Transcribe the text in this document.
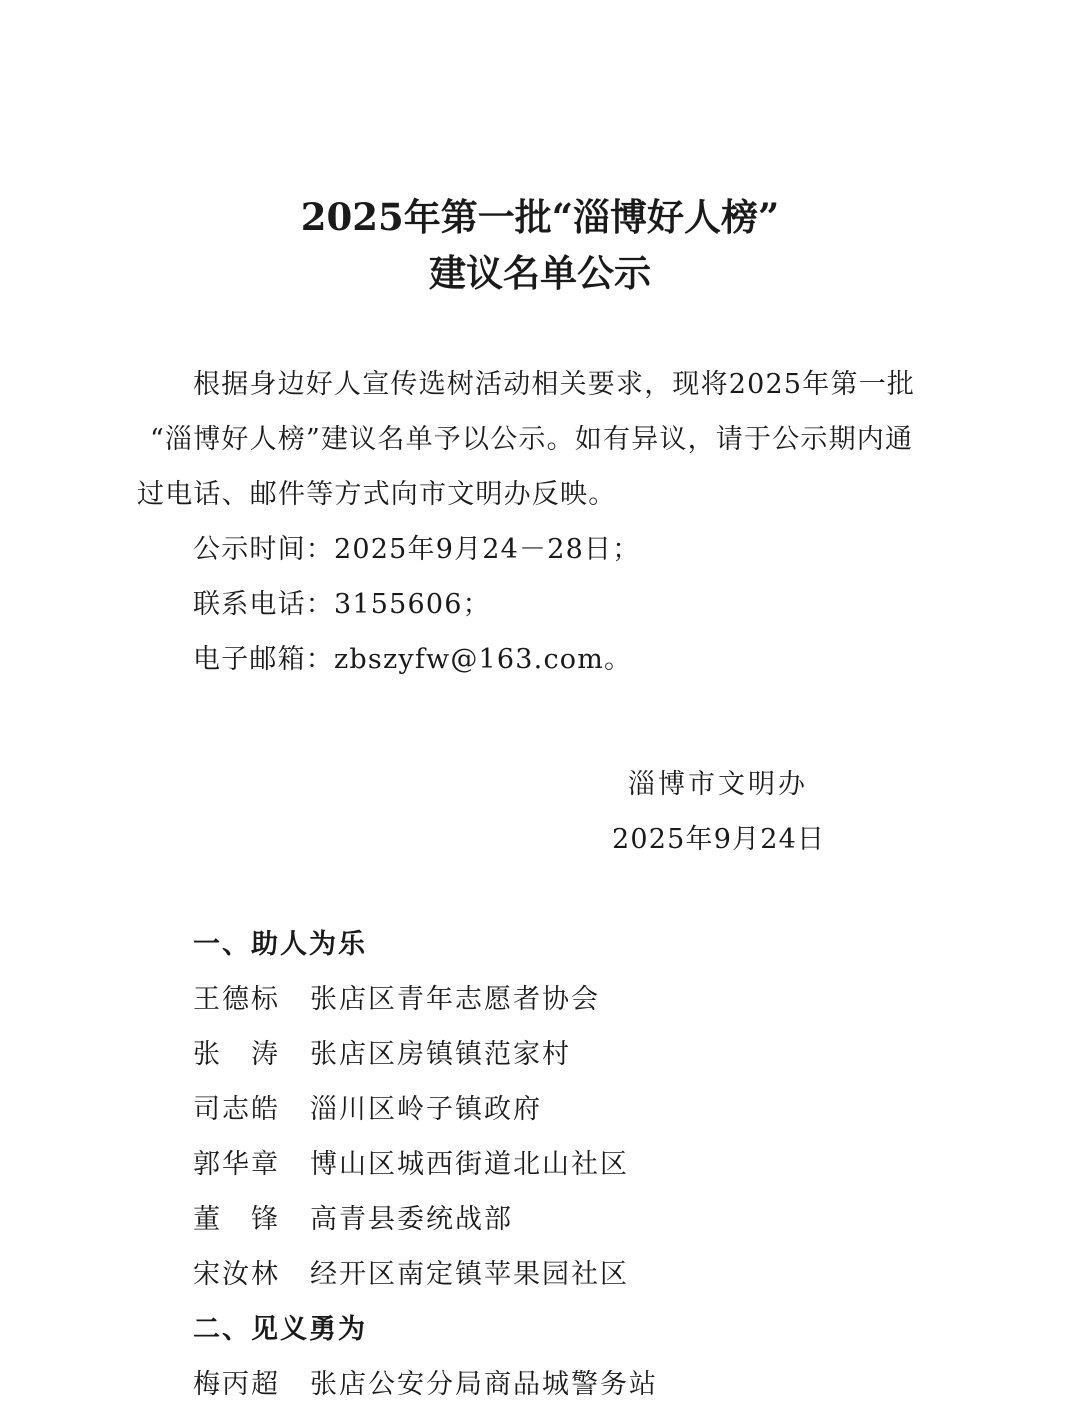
2025年第一批“淄博好人榜”
建议名单公示
根据身边好人宣传选树活动相关要求，现将2025年第一批
“淄博好人榜”建议名单予以公示。如有异议，请于公示期内通
过电话、邮件等方式向市文明办反映。
公示时间：2025年9月24－28日；
联系电话：3155606；
电子邮箱：zbszyfw@163.com。
淄博市文明办
2025年9月24日
一、助人为乐
王德标 张店区青年志愿者协会
张　涛 张店区房镇镇范家村
司志皓 淄川区岭子镇政府
郭华章 博山区城西街道北山社区
董　锋 高青县委统战部
宋汝林 经开区南定镇苹果园社区
二、见义勇为
梅丙超 张店公安分局商品城警务站
